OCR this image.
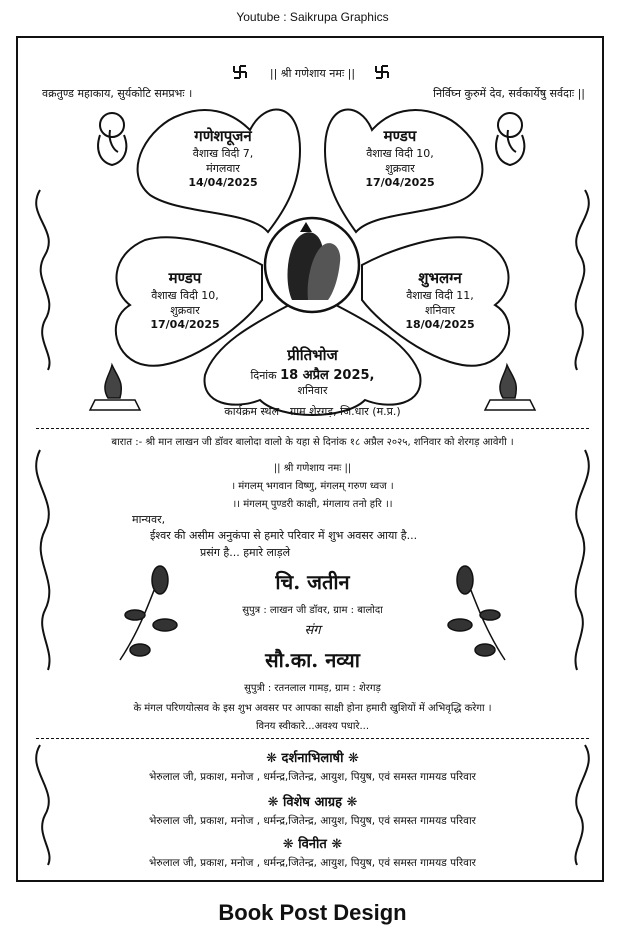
Youtube : Saikrupa Graphics
|| श्री गणेशाय नमः ||
वक्रतुण्ड महाकाय, सुर्यकोटि समप्रभः ।	निर्विघ्न कुरुमें देव, सर्वकार्येषु सर्वदाः ||
गणेशपूजन
वैशाख विदी 7,
मंगलवार
14/04/2025
मण्डप
वैशाख विदी 10,
शुक्रवार
17/04/2025
मण्डप
वैशाख विदी 10,
शुक्रवार
17/04/2025
शुभलग्न
वैशाख विदी 11,
शनिवार
18/04/2025
प्रीतिभोज
दिनांक 18 अप्रैल 2025,
शनिवार
कार्यक्रम स्थल - ग्राम शेरगड़, जि.धार (म.प्र.)
बारात :- श्री मान लाखन जी डॉवर बालोदा वालो के यहा से दिनांक १८ अप्रैल २०२५, शनिवार को शेरगड़ आवेगी ।
|| श्री गणेशाय नमः ||
। मंगलम् भगवान विष्णु, मंगलम् गरुण ध्वज ।
।। मंगलम् पुण्डरी काक्षी, मंगलाय तनो हरि ।।
मान्यवर,
ईश्वर की असीम अनुकंपा से हमारे परिवार में शुभ अवसर आया है...
प्रसंग है... हमारे लाड़ले
चि. जतीन
सुपुत्र : लाखन जी डॉवर, ग्राम : बालोदा
संग
सौ.का. नव्या
सुपुत्री : रतनलाल गामड़, ग्राम : शेरगड़
के मंगल परिणयोत्सव के इस शुभ अवसर पर आपका साक्षी होना हमारी खुशियों में अभिवृद्धि करेगा ।
विनय स्वीकारे...अवश्य पधारे...
❋ दर्शनाभिलाषी ❋
भेरुलाल जी, प्रकाश, मनोज , धर्मन्द्र,जितेन्द्र, आयुश, पियुष, एवं समस्त गामयड परिवार
❋ विशेष आग्रह ❋
भेरुलाल जी, प्रकाश, मनोज , धर्मन्द्र,जितेन्द्र, आयुश, पियुष, एवं समस्त गामयड परिवार
❋ विनीत ❋
भेरुलाल जी, प्रकाश, मनोज , धर्मन्द्र,जितेन्द्र, आयुश, पियुष, एवं समस्त गामयड परिवार
Book Post Design
